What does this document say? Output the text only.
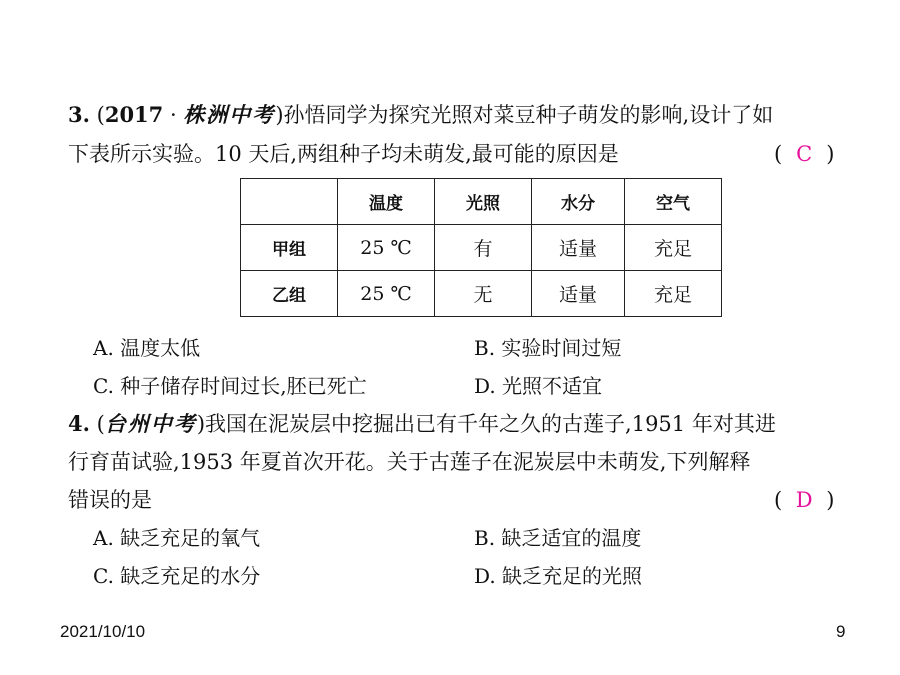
3. (2017 · 株洲中考)孙悟同学为探究光照对菜豆种子萌发的影响,设计了如
下表所示实验。10 天后,两组种子均未萌发,最可能的原因是	( C )
	温度	光照	水分	空气
甲组	25 ℃	有	适量	充足
乙组	25 ℃	无	适量	充足
A. 温度太低	B. 实验时间过短
C. 种子储存时间过长,胚已死亡	D. 光照不适宜
4. (台州中考)我国在泥炭层中挖掘出已有千年之久的古莲子,1951 年对其进
行育苗试验,1953 年夏首次开花。关于古莲子在泥炭层中未萌发,下列解释
错误的是	( D )
A. 缺乏充足的氧气	B. 缺乏适宜的温度
C. 缺乏充足的水分	D. 缺乏充足的光照
2021/10/10	9
